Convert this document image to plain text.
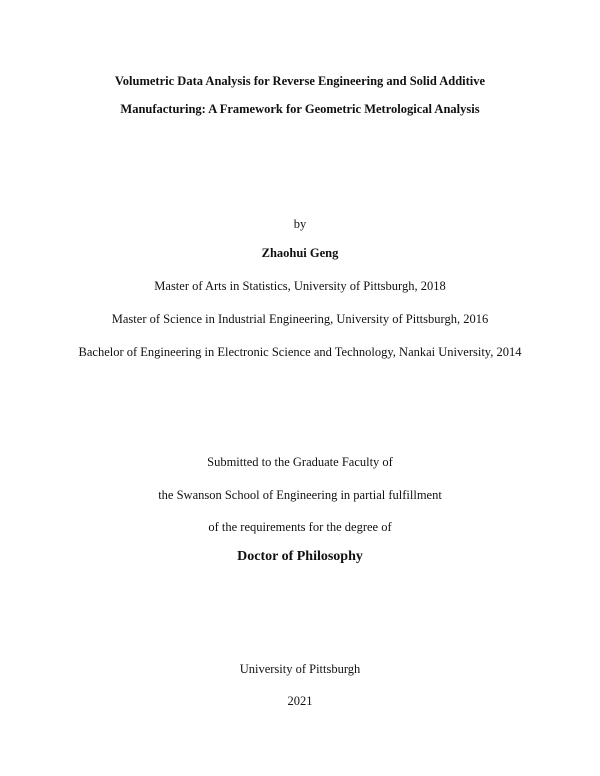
Volumetric Data Analysis for Reverse Engineering and Solid Additive
Manufacturing: A Framework for Geometric Metrological Analysis
by
Zhaohui Geng
Master of Arts in Statistics, University of Pittsburgh, 2018
Master of Science in Industrial Engineering, University of Pittsburgh, 2016
Bachelor of Engineering in Electronic Science and Technology, Nankai University, 2014
Submitted to the Graduate Faculty of
the Swanson School of Engineering in partial fulfillment
of the requirements for the degree of
Doctor of Philosophy
University of Pittsburgh
2021
